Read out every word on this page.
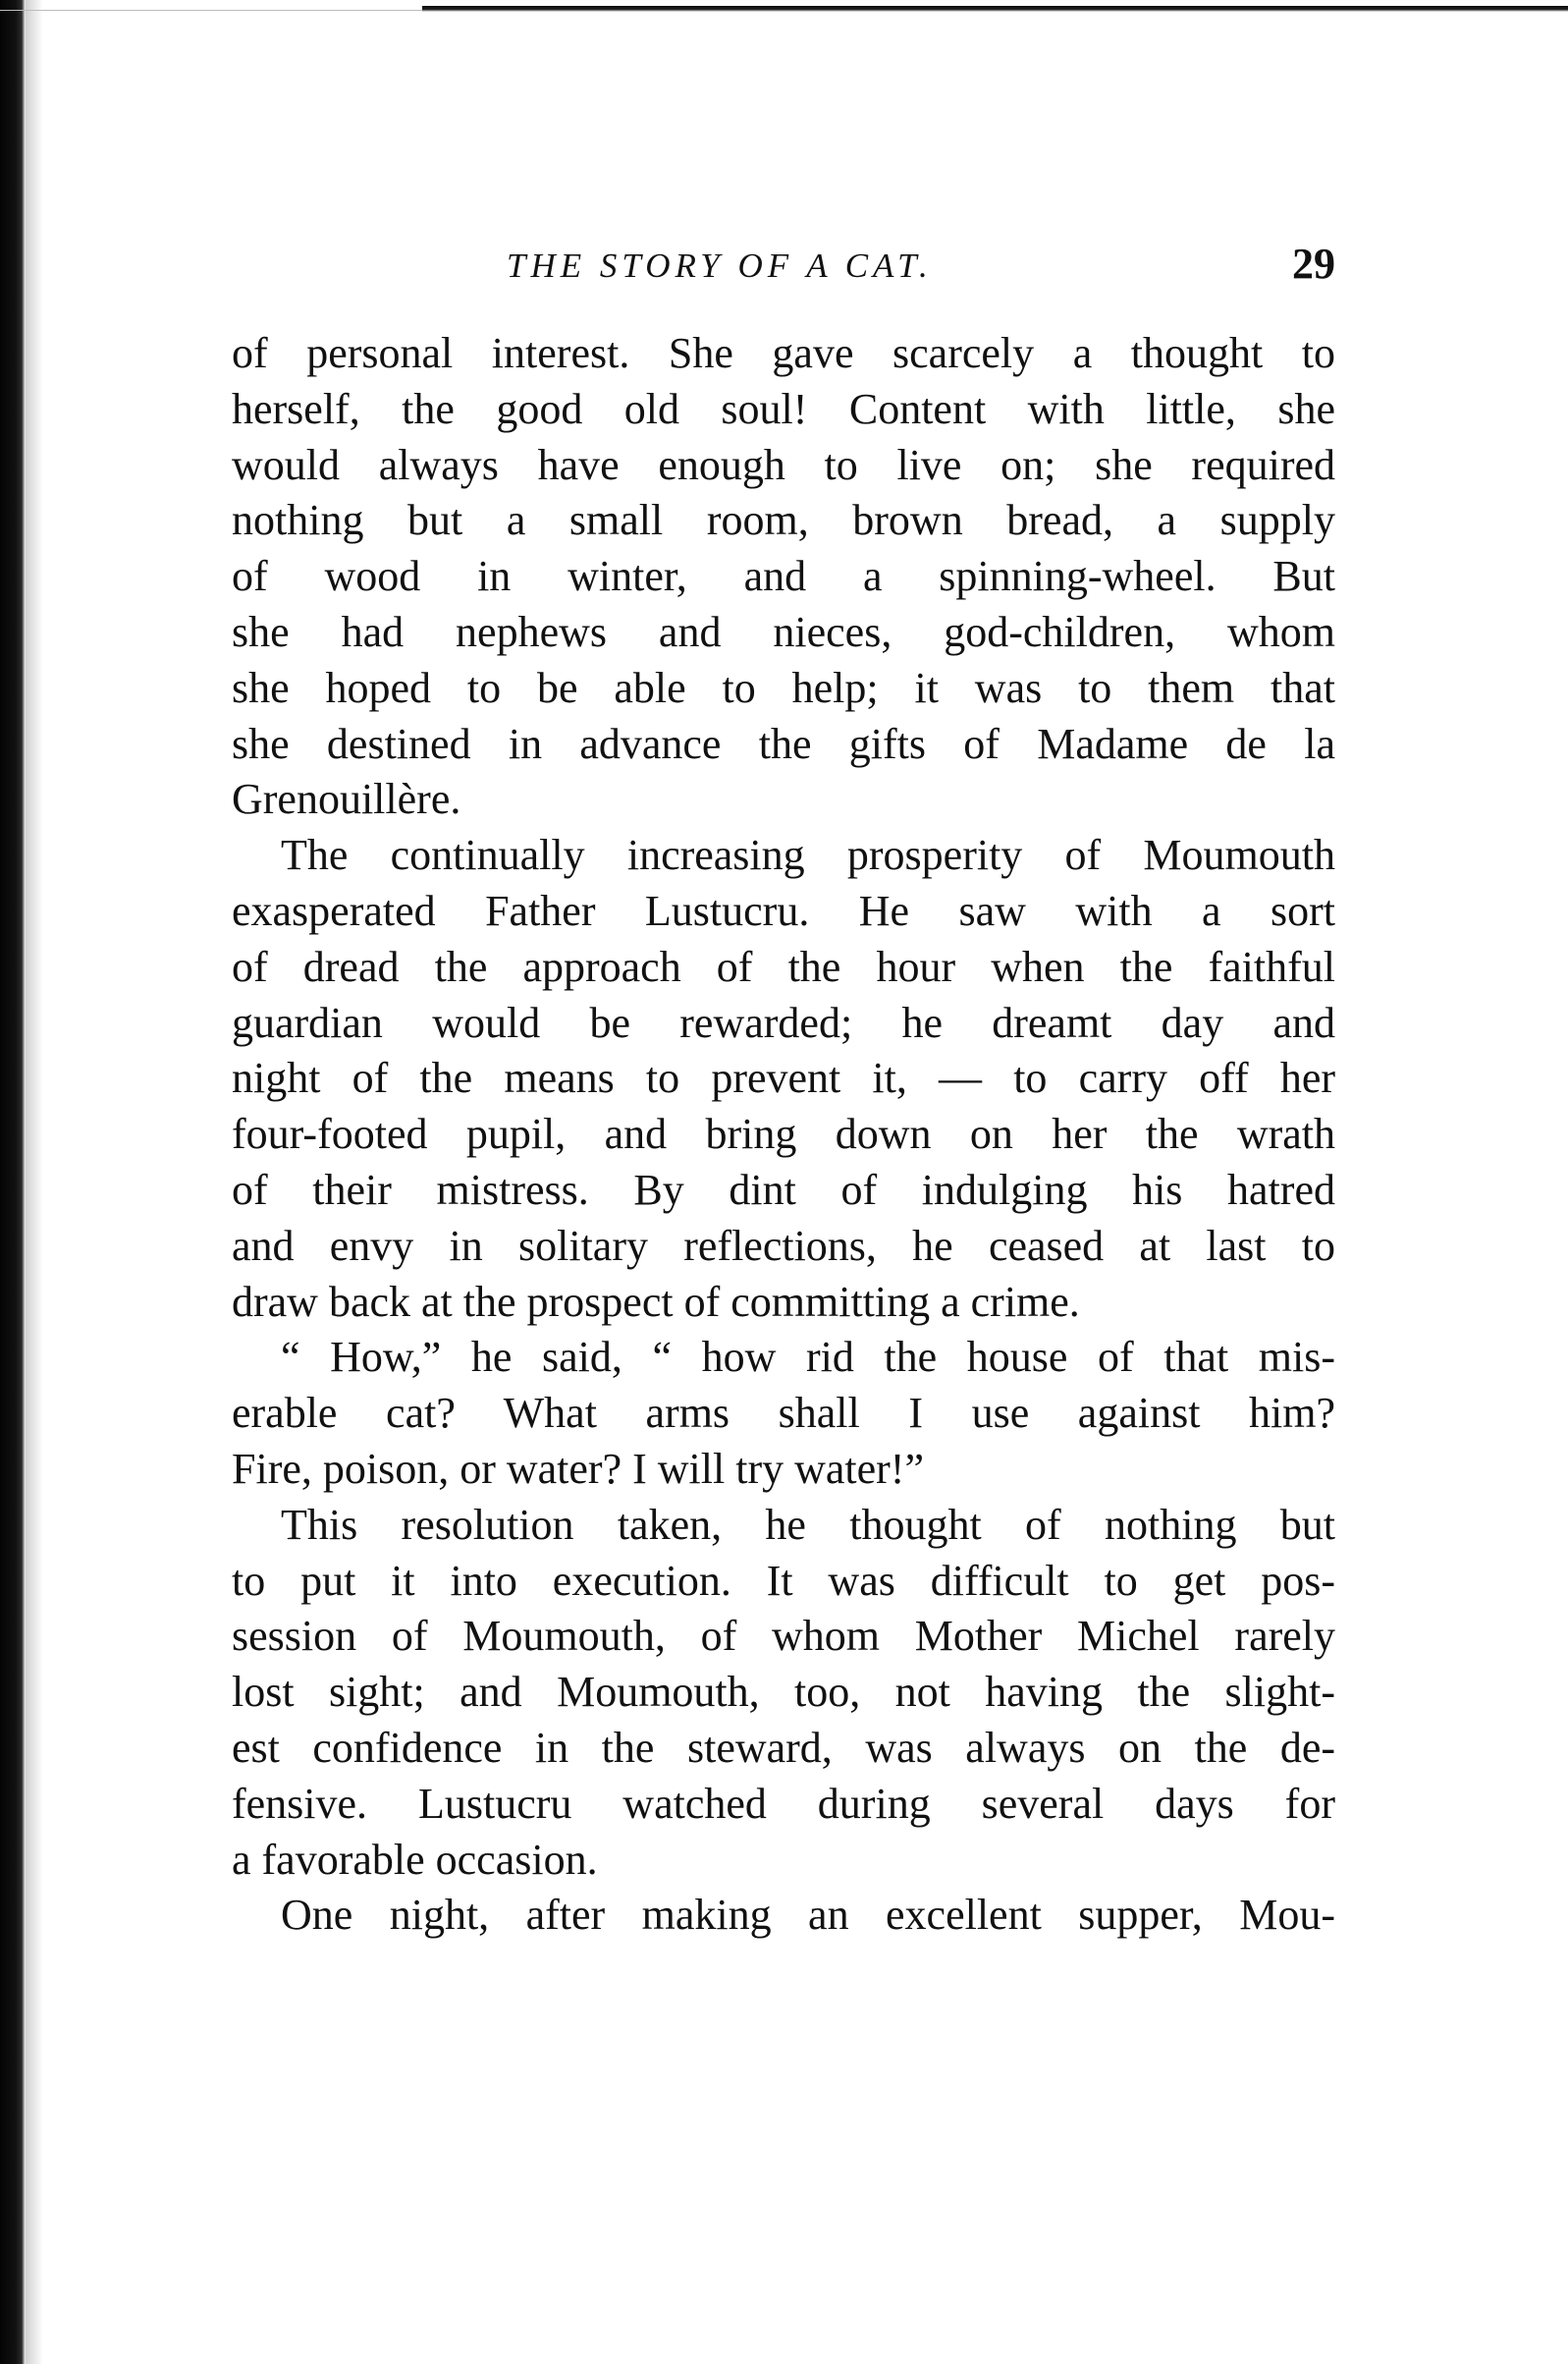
THE STORY OF A CAT.	29
of personal interest. She gave scarcely a thought to
herself, the good old soul! Content with little, she
would always have enough to live on; she required
nothing but a small room, brown bread, a supply
of wood in winter, and a spinning-wheel. But
she had nephews and nieces, god-children, whom
she hoped to be able to help; it was to them that
she destined in advance the gifts of Madame de la
Grenouillère.
The continually increasing prosperity of Moumouth
exasperated Father Lustucru. He saw with a sort
of dread the approach of the hour when the faithful
guardian would be rewarded; he dreamt day and
night of the means to prevent it, — to carry off her
four-footed pupil, and bring down on her the wrath
of their mistress. By dint of indulging his hatred
and envy in solitary reflections, he ceased at last to
draw back at the prospect of committing a crime.
“ How,” he said, “ how rid the house of that mis-
erable cat? What arms shall I use against him?
Fire, poison, or water? I will try water!”
This resolution taken, he thought of nothing but
to put it into execution. It was difficult to get pos-
session of Moumouth, of whom Mother Michel rarely
lost sight; and Moumouth, too, not having the slight-
est confidence in the steward, was always on the de-
fensive. Lustucru watched during several days for
a favorable occasion.
One night, after making an excellent supper, Mou-
